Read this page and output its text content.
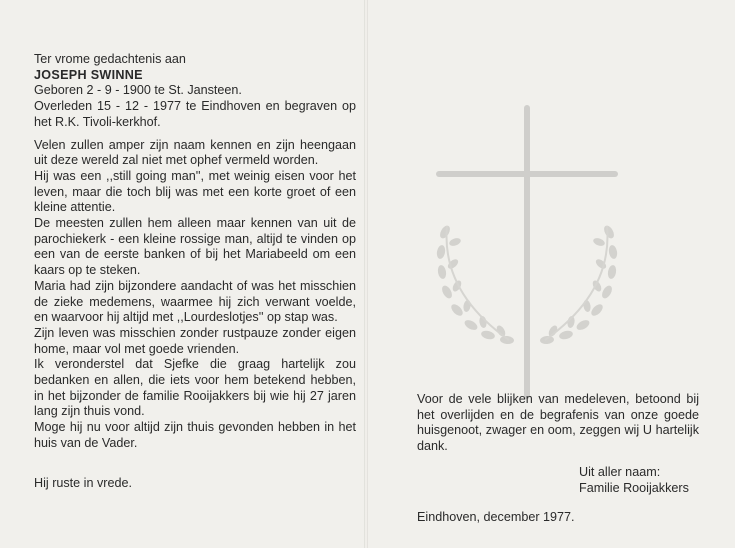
Ter vrome gedachtenis aan

JOSEPH SWINNE

Geboren 2 - 9 - 1900 te St. Jansteen.

Overleden 15 - 12 - 1977 te Eindhoven en begraven op het R.K. Tivoli-kerkhof.

Velen zullen amper zijn naam kennen en zijn heengaan uit deze wereld zal niet met ophef vermeld worden.

Hij was een ,,still going man'', met weinig eisen voor het leven, maar die toch blij was met een korte groet of een kleine attentie.

De meesten zullen hem alleen maar kennen van uit de parochiekerk - een kleine rossige man, altijd te vinden op een van de eerste banken of bij het Mariabeeld om een kaars op te steken.

Maria had zijn bijzondere aandacht of was het misschien de zieke medemens, waarmee hij zich verwant voelde, en waarvoor hij altijd met ,,Lourdeslotjes'' op stap was.

Zijn leven was misschien zonder rustpauze zonder eigen home, maar vol met goede vrienden.

Ik veronderstel dat Sjefke die graag hartelijk zou bedanken en allen, die iets voor hem betekend hebben, in het bijzonder de familie Rooijakkers bij wie hij 27 jaren lang zijn thuis vond.

Moge hij nu voor altijd zijn thuis gevonden hebben in het huis van de Vader.

Hij ruste in vrede.

Voor de vele blijken van medeleven, betoond bij het overlijden en de begrafenis van onze goede huisgenoot, zwager en oom, zeggen wij U hartelijk dank.

Uit aller naam:

Familie Rooijakkers

Eindhoven, december 1977.
